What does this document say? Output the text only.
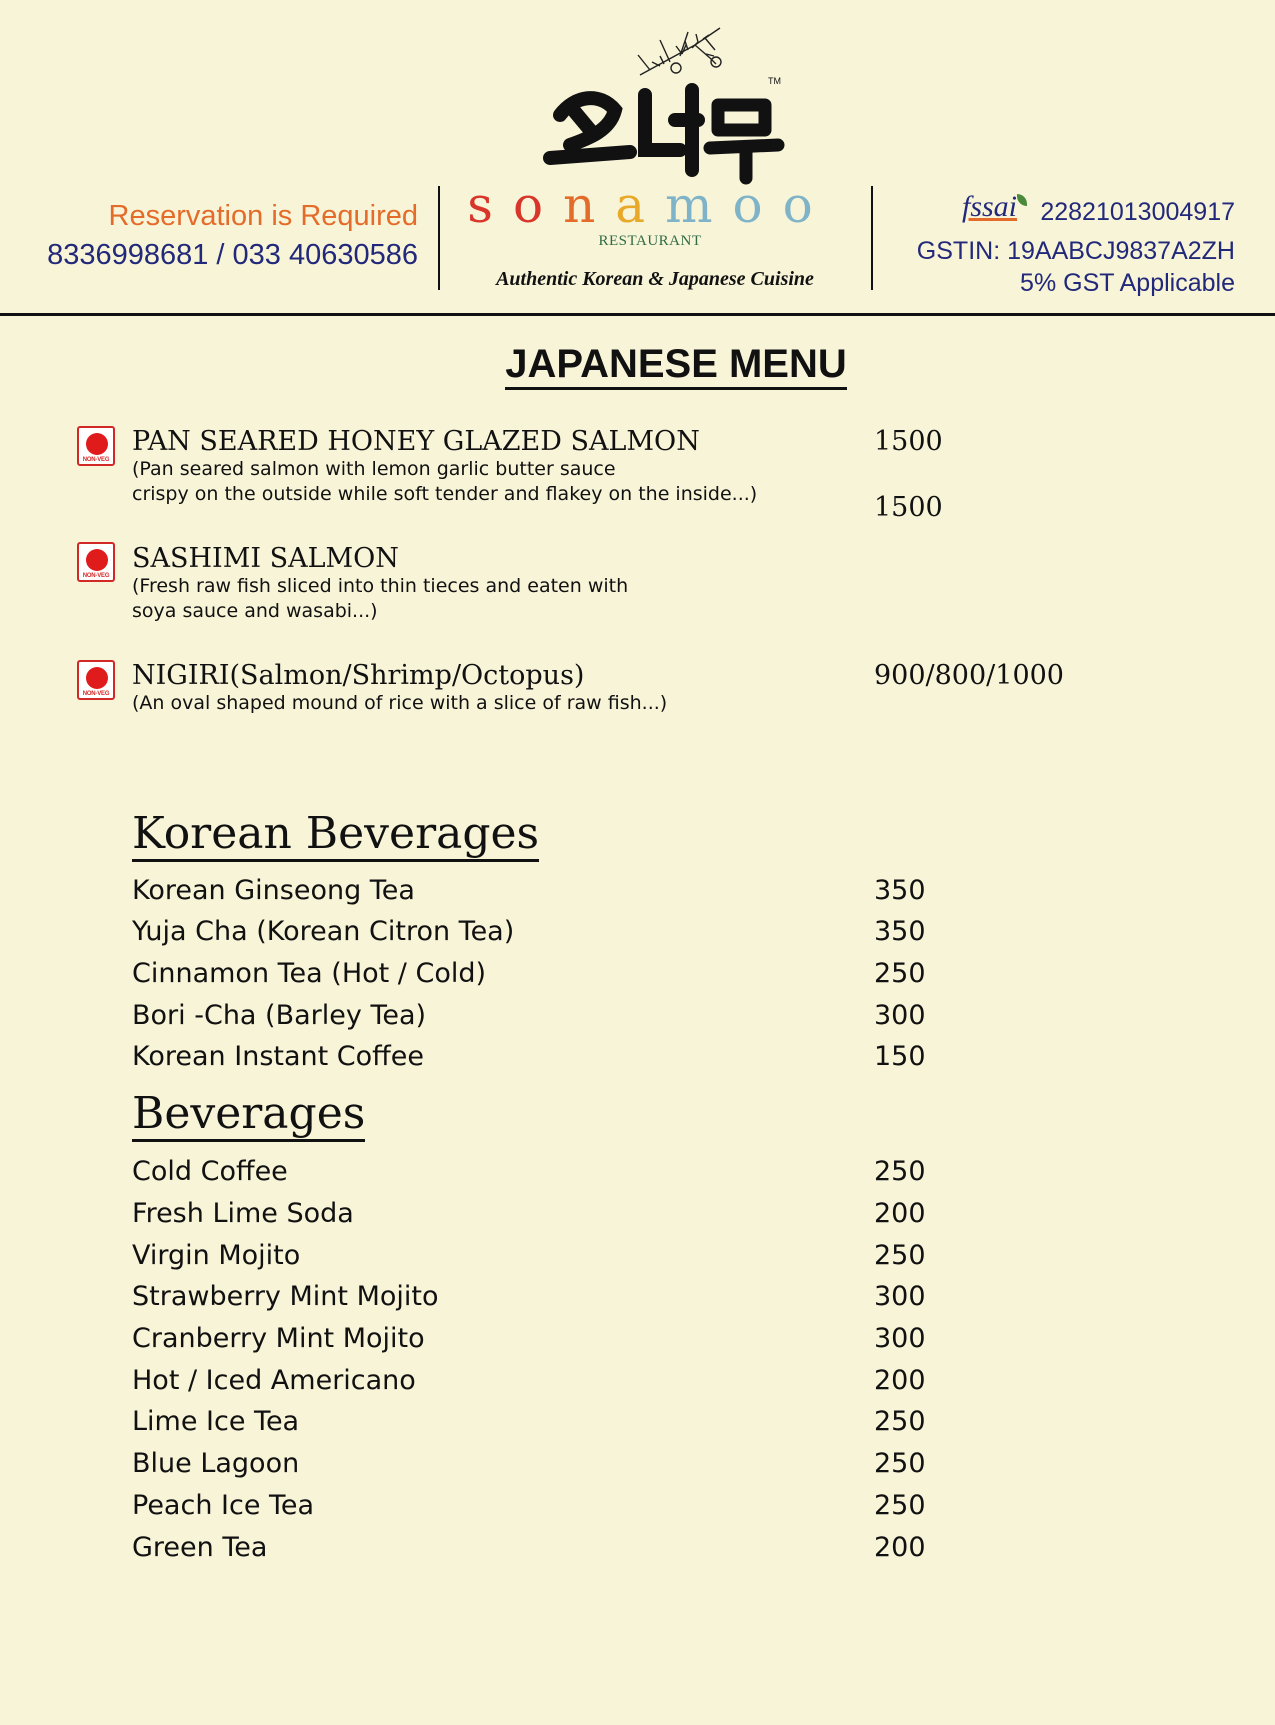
Reservation is Required
8336998681 / 033 40630586
TM
sonamoo
RESTAURANT
Authentic Korean & Japanese Cuisine
fssai 22821013004917
GSTIN: 19AABCJ9837A2ZH
5% GST Applicable
JAPANESE MENU
NON-VEG
PAN SEARED HONEY GLAZED SALMON
(Pan seared salmon with lemon garlic butter sauce
crispy on the outside while soft tender and flakey on the inside...)
1500
NON-VEG
SASHIMI SALMON
(Fresh raw fish sliced into thin tieces and eaten with
soya sauce and wasabi...)
1500
NON-VEG
NIGIRI(Salmon/Shrimp/Octopus)
(An oval shaped mound of rice with a slice of raw fish...)
900/800/1000
Korean Beverages
Korean Ginseong Tea	350
Yuja Cha (Korean Citron Tea)	350
Cinnamon Tea (Hot / Cold)	250
Bori -Cha (Barley Tea)	300
Korean Instant Coffee	150
Beverages
Cold Coffee	250
Fresh Lime Soda	200
Virgin Mojito	250
Strawberry Mint Mojito	300
Cranberry Mint Mojito	300
Hot / Iced Americano	200
Lime Ice Tea	250
Blue Lagoon	250
Peach Ice Tea	250
Green Tea	200
